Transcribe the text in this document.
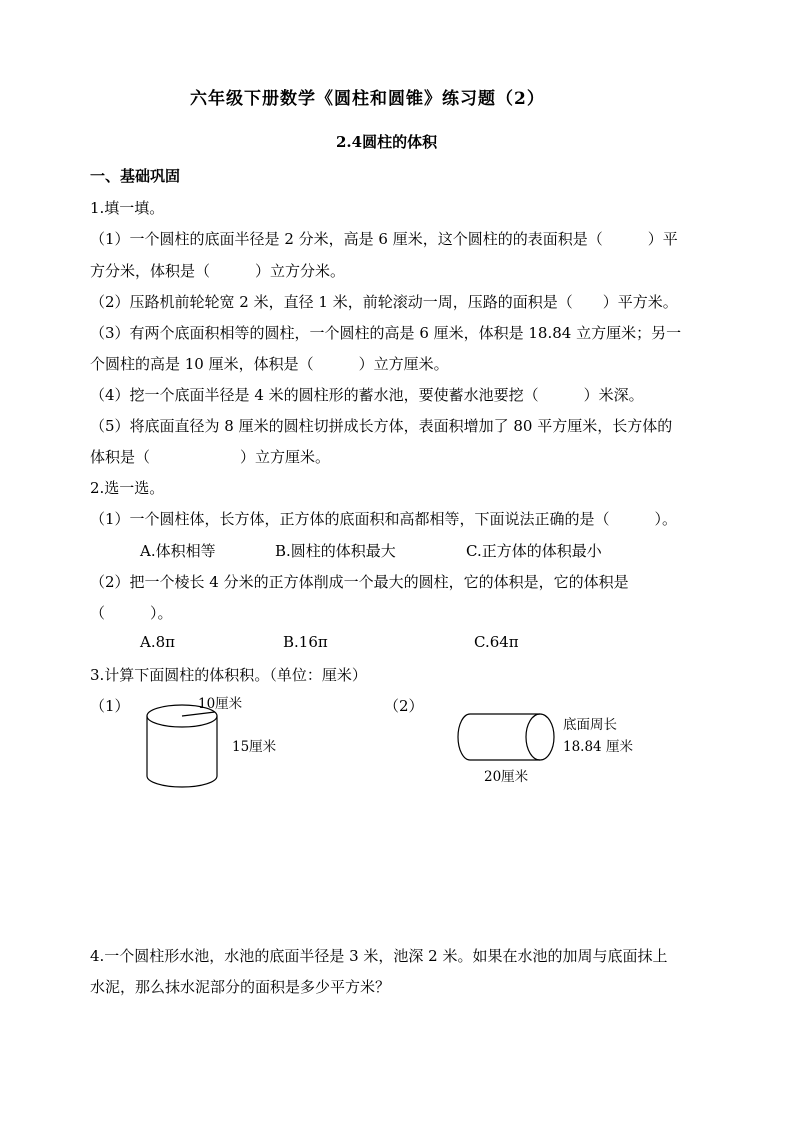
六年级下册数学《圆柱和圆锥》练习题（2）
2.4圆柱的体积
一、基础巩固
1.填一填。
（1）一个圆柱的底面半径是 2 分米，高是 6 厘米，这个圆柱的的表面积是（　　　）平
方分米，体积是（　　　）立方分米。
（2）压路机前轮轮宽 2 米，直径 1 米，前轮滚动一周，压路的面积是（　　）平方米。
（3）有两个底面积相等的圆柱，一个圆柱的高是 6 厘米，体积是 18.84 立方厘米；另一
个圆柱的高是 10 厘米，体积是（　　　）立方厘米。
（4）挖一个底面半径是 4 米的圆柱形的蓄水池，要使蓄水池要挖（　　　）米深。
（5）将底面直径为 8 厘米的圆柱切拼成长方体，表面积增加了 80 平方厘米，长方体的
体积是（　　　　　　）立方厘米。
2.选一选。
（1）一个圆柱体，长方体，正方体的底面积和高都相等，下面说法正确的是（　　　）。
A.体积相等	B.圆柱的体积最大	C.正方体的体积最小
（2）把一个棱长 4 分米的正方体削成一个最大的圆柱，它的体积是，它的体积是
（　　　）。
A.8π	B.16π	C.64π
3.计算下面圆柱的体积积。（单位：厘米）
（1）	10厘米
15厘米
（2）
底面周长
18.84 厘米
20厘米
4.一个圆柱形水池，水池的底面半径是 3 米，池深 2 米。如果在水池的加周与底面抹上
水泥，那么抹水泥部分的面积是多少平方米？
